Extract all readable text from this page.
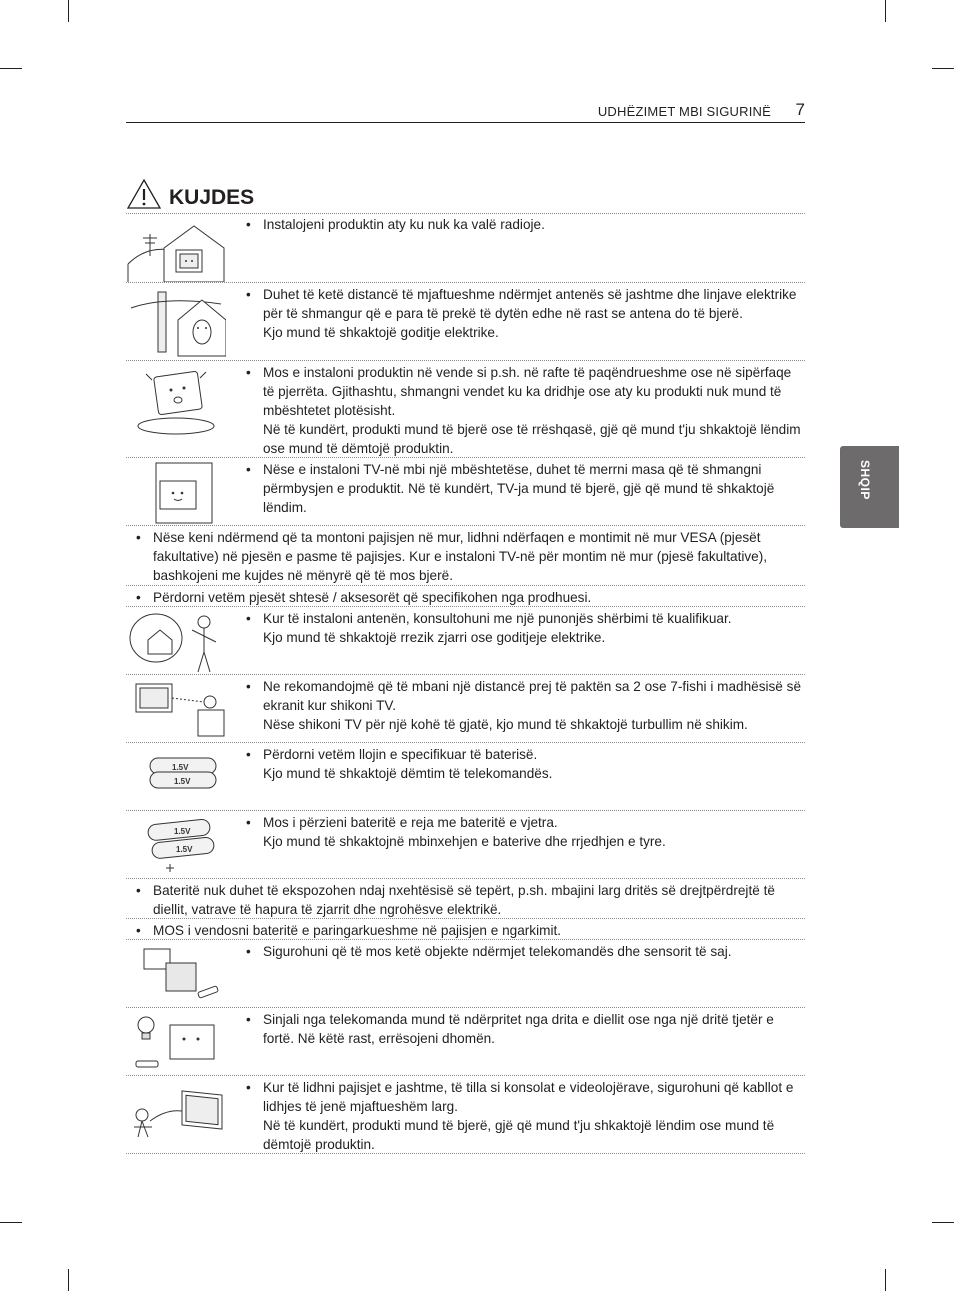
UDHËZIMET MBI SIGURINË 7
SHQIP
KUJDES
• Instalojeni produktin aty ku nuk ka valë radioje.

• Duhet të ketë distancë të mjaftueshme ndërmjet antenës së jashtme dhe linjave elektrike për të shmangur që e para të prekë të dytën edhe në rast se antena do të bjerë.

Kjo mund të shkaktojë goditje elektrike.

• Mos e instaloni produktin në vende si p.sh. në rafte të paqëndrueshme ose në sipërfaqe të pjerrëta. Gjithashtu, shmangni vendet ku ka dridhje ose aty ku produkti nuk mund të mbështetet plotësisht.

Në të kundërt, produkti mund të bjerë ose të rrëshqasë, gjë që mund t'ju shkaktojë lëndim ose mund të dëmtojë produktin.

• Nëse e instaloni TV-në mbi një mbështetëse, duhet të merrni masa që të shmangni përmbysjen e produktit. Në të kundërt, TV-ja mund të bjerë, gjë që mund të shkaktojë lëndim.

• Nëse keni ndërmend që ta montoni pajisjen në mur, lidhni ndërfaqen e montimit në mur VESA (pjesët fakultative) në pjesën e pasme të pajisjes. Kur e instaloni TV-në për montim në mur (pjesë fakultative), bashkojeni me kujdes në mënyrë që të mos bjerë.

• Përdorni vetëm pjesët shtesë / aksesorët që specifikohen nga prodhuesi.

• Kur të instaloni antenën, konsultohuni me një punonjës shërbimi të kualifikuar.

Kjo mund të shkaktojë rrezik zjarri ose goditjeje elektrike.

• Ne rekomandojmë që të mbani një distancë prej të paktën sa 2 ose 7-fishi i madhësisë së ekranit kur shikoni TV.

Nëse shikoni TV për një kohë të gjatë, kjo mund të shkaktojë turbullim në shikim.

1.5V
1.5V
• Përdorni vetëm llojin e specifikuar të baterisë.

Kjo mund të shkaktojë dëmtim të telekomandës.

1.5V
1.5V
• Mos i përzieni bateritë e reja me bateritë e vjetra.

Kjo mund të shkaktojnë mbinxehjen e baterive dhe rrjedhjen e tyre.

• Bateritë nuk duhet të ekspozohen ndaj nxehtësisë së tepërt, p.sh. mbajini larg dritës së drejtpërdrejtë të diellit, vatrave të hapura të zjarrit dhe ngrohësve elektrikë.

• MOS i vendosni bateritë e paringarkueshme në pajisjen e ngarkimit.

• Sigurohuni që të mos ketë objekte ndërmjet telekomandës dhe sensorit të saj.

• Sinjali nga telekomanda mund të ndërpritet nga drita e diellit ose nga një dritë tjetër e fortë. Në këtë rast, errësojeni dhomën.

• Kur të lidhni pajisjet e jashtme, të tilla si konsolat e videolojërave, sigurohuni që kabllot e lidhjes të jenë mjaftueshëm larg.

Në të kundërt, produkti mund të bjerë, gjë që mund t'ju shkaktojë lëndim ose mund të dëmtojë produktin.
